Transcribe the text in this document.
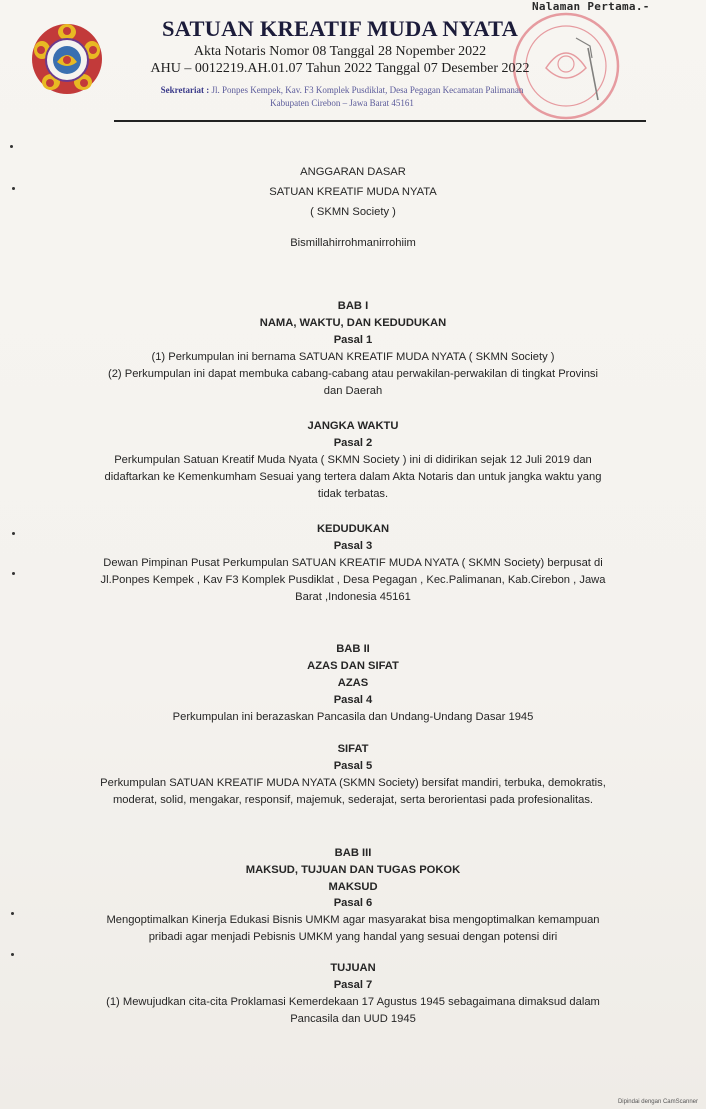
Nalaman Pertama.-
SATUAN KREATIF MUDA NYATA
Akta Notaris Nomor 08 Tanggal 28 Nopember 2022
AHU – 0012219.AH.01.07 Tahun 2022 Tanggal 07 Desember 2022
Sekretariat : Jl. Ponpes Kempek, Kav. F3 Komplek Pusdiklat, Desa Pegagan Kecamatan Palimanan
Kabupaten Cirebon – Jawa Barat 45161
ANGGARAN DASAR
SATUAN KREATIF MUDA NYATA
( SKMN Society )
Bismillahirrohmanirrohiim
BAB I
NAMA, WAKTU, DAN KEDUDUKAN
Pasal 1
(1) Perkumpulan ini bernama SATUAN KREATIF MUDA NYATA ( SKMN Society )
(2) Perkumpulan ini dapat membuka cabang-cabang atau perwakilan-perwakilan di tingkat Provinsi
dan Daerah
JANGKA WAKTU
Pasal 2
Perkumpulan Satuan Kreatif Muda Nyata ( SKMN Society ) ini di didirikan sejak 12 Juli 2019 dan
didaftarkan ke Kemenkumham Sesuai yang tertera dalam Akta Notaris dan untuk jangka waktu yang
tidak terbatas.
KEDUDUKAN
Pasal 3
Dewan Pimpinan Pusat Perkumpulan SATUAN KREATIF MUDA NYATA ( SKMN Society) berpusat di
Jl.Ponpes Kempek , Kav F3 Komplek Pusdiklat , Desa Pegagan , Kec.Palimanan, Kab.Cirebon , Jawa
Barat ,Indonesia 45161
BAB II
AZAS DAN SIFAT
AZAS
Pasal 4
Perkumpulan ini berazaskan Pancasila dan Undang-Undang Dasar 1945
SIFAT
Pasal 5
Perkumpulan SATUAN KREATIF MUDA NYATA (SKMN Society) bersifat mandiri, terbuka, demokratis,
moderat, solid, mengakar, responsif, majemuk, sederajat, serta berorientasi pada profesionalitas.
BAB III
MAKSUD, TUJUAN DAN TUGAS POKOK
MAKSUD
Pasal 6
Mengoptimalkan Kinerja Edukasi Bisnis UMKM agar masyarakat bisa mengoptimalkan kemampuan
pribadi agar menjadi Pebisnis UMKM yang handal yang sesuai dengan potensi diri
TUJUAN
Pasal 7
(1) Mewujudkan cita-cita Proklamasi Kemerdekaan 17 Agustus 1945 sebagaimana dimaksud dalam
Pancasila dan UUD 1945
Dipindai dengan CamScanner
